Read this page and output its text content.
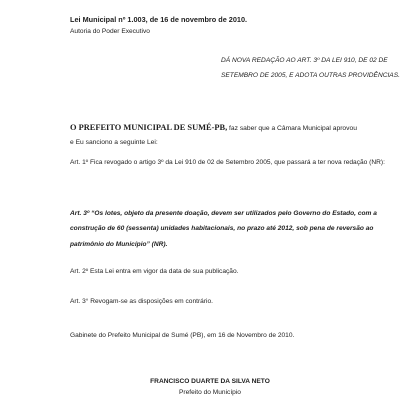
Lei Municipal nº 1.003, de 16 de novembro de 2010.
Autoria do Poder Executivo
DÁ NOVA REDAÇÃO AO ART. 3º DA LEI 910, DE 02 DE SETEMBRO DE 2005, E ADOTA OUTRAS PROVIDÊNCIAS.
O PREFEITO MUNICIPAL DE SUMÉ-PB, faz saber que a Câmara Municipal aprovou e Eu sanciono a seguinte Lei:
Art. 1º Fica revogado o artigo 3º da Lei 910 de 02 de Setembro 2005, que passará a ter nova redação (NR):
Art. 3º “Os lotes, objeto da presente doação, devem ser utilizados pelo Governo do Estado, com a construção de 60 (sessenta) unidades habitacionais, no prazo até 2012, sob pena de reversão ao patrimônio do Município” (NR).
Art. 2º Esta Lei entra em vigor da data de sua publicação.
Art. 3° Revogam-se as disposições em contrário.
Gabinete do Prefeito Municipal de Sumé (PB), em 16 de Novembro de 2010.
FRANCISCO DUARTE DA SILVA NETO
Prefeito do Município
